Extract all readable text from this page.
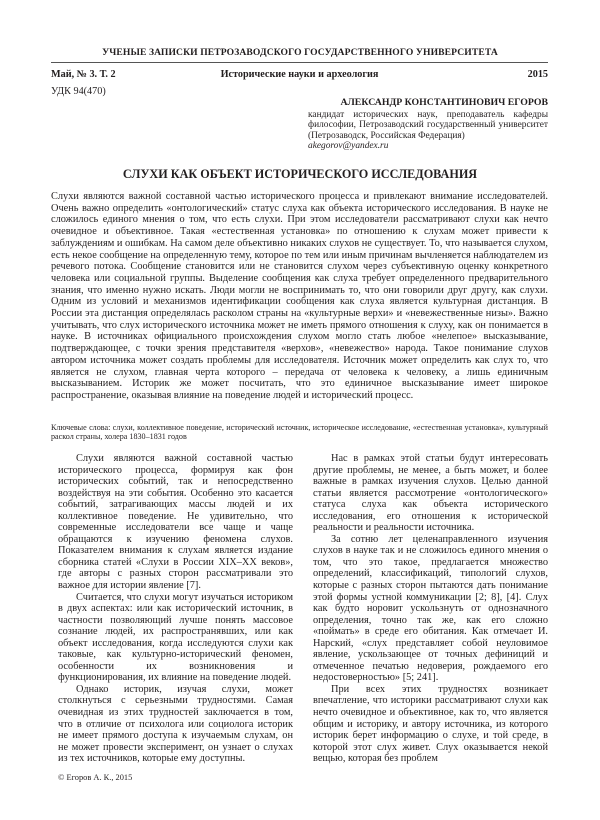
УЧЕНЫЕ ЗАПИСКИ ПЕТРОЗАВОДСКОГО ГОСУДАРСТВЕННОГО УНИВЕРСИТЕТА
Исторические науки и археология
Май, № 3. Т. 2	2015
УДК 94(470)
АЛЕКСАНДР КОНСТАНТИНОВИЧ ЕГОРОВ
кандидат исторических наук, преподаватель кафедры философии, Петрозаводский государственный университет (Петрозаводск, Российская Федерация)
akegorov@yandex.ru
СЛУХИ КАК ОБЪЕКТ ИСТОРИЧЕСКОГО ИССЛЕДОВАНИЯ
Слухи являются важной составной частью исторического процесса и привлекают внимание исследователей. Очень важно определить «онтологический» статус слуха как объекта исторического исследования. В науке не сложилось единого мнения о том, что есть слухи. При этом исследователи рассматривают слухи как нечто очевидное и объективное. Такая «естественная установка» по отношению к слухам может привести к заблуждениям и ошибкам. На самом деле объективно никаких слухов не существует. То, что называется слухом, есть некое сообщение на определенную тему, которое по тем или иным причинам вычленяется наблюдателем из речевого потока. Сообщение становится или не становится слухом через субъективную оценку конкретного человека или социальной группы. Выделение сообщения как слуха требует определенного предварительного знания, что именно нужно искать. Люди могли не воспринимать то, что они говорили друг другу, как слухи. Одним из условий и механизмов идентификации сообщения как слуха является культурная дистанция. В России эта дистанция определялась расколом страны на «культурные верхи» и «невежественные низы». Важно учитывать, что слух исторического источника может не иметь прямого отношения к слуху, как он понимается в науке. В источниках официального происхождения слухом могло стать любое «нелепое» высказывание, подтверждающее, с точки зрения представителя «верхов», «невежество» народа. Такое понимание слухов автором источника может создать проблемы для исследователя. Источник может определить как слух то, что является не слухом, главная черта которого – передача от человека к человеку, а лишь единичным высказыванием. Историк же может посчитать, что это единичное высказывание имеет широкое распространение, оказывая влияние на поведение людей и исторический процесс.
Ключевые слова: слухи, коллективное поведение, исторический источник, историческое исследование, «естественная установка», культурный раскол страны, холера 1830–1831 годов

Слухи являются важной составной частью исторического процесса, формируя как фон исторических событий, так и непосредственно воздействуя на эти события. Особенно это касается событий, затрагивающих массы людей и их коллективное поведение. Не удивительно, что современные исследователи все чаще и чаще обращаются к изучению феномена слухов. Показателем внимания к слухам является издание сборника статей «Слухи в России XIX–XX веков», где авторы с разных сторон рассматривали это важное для истории явление [7].

Считается, что слухи могут изучаться историком в двух аспектах: или как исторический источник, в частности позволяющий лучше понять массовое сознание людей, их распространявших, или как объект исследования, когда исследуются слухи как таковые, как культурно-исторический феномен, особенности их возникновения и функционирования, их влияние на поведение людей.

Однако историк, изучая слухи, может столкнуться с серьезными трудностями. Самая очевидная из этих трудностей заключается в том, что в отличие от психолога или социолога историк не имеет прямого доступа к изучаемым слухам, он не может провести эксперимент, он узнает о слухах из тех источников, которые ему доступны.

Нас в рамках этой статьи будут интересовать другие проблемы, не менее, а быть может, и более важные в рамках изучения слухов. Целью данной статьи является рассмотрение «онтологического» статуса слуха как объекта исторического исследования, его отношения к исторической реальности и реальности источника.

За сотню лет целенаправленного изучения слухов в науке так и не сложилось единого мнения о том, что это такое, предлагается множество определений, классификаций, типологий слухов, которые с разных сторон пытаются дать понимание этой формы устной коммуникации [2; 8], [4]. Слух как будто норовит ускользнуть от однозначного определения, точно так же, как его сложно «поймать» в среде его обитания. Как отмечает И. Нарский, «слух представляет собой неуловимое явление, ускользающее от точных дефиниций и отмеченное печатью недоверия, рождаемого его недостоверностью» [5; 241].

При всех этих трудностях возникает впечатление, что историки рассматривают слухи как нечто очевидное и объективное, как то, что является общим и историку, и автору источника, из которого историк берет информацию о слухе, и той среде, в которой этот слух живет. Слух оказывается некой вещью, которая без проблем

© Егоров А. К., 2015
